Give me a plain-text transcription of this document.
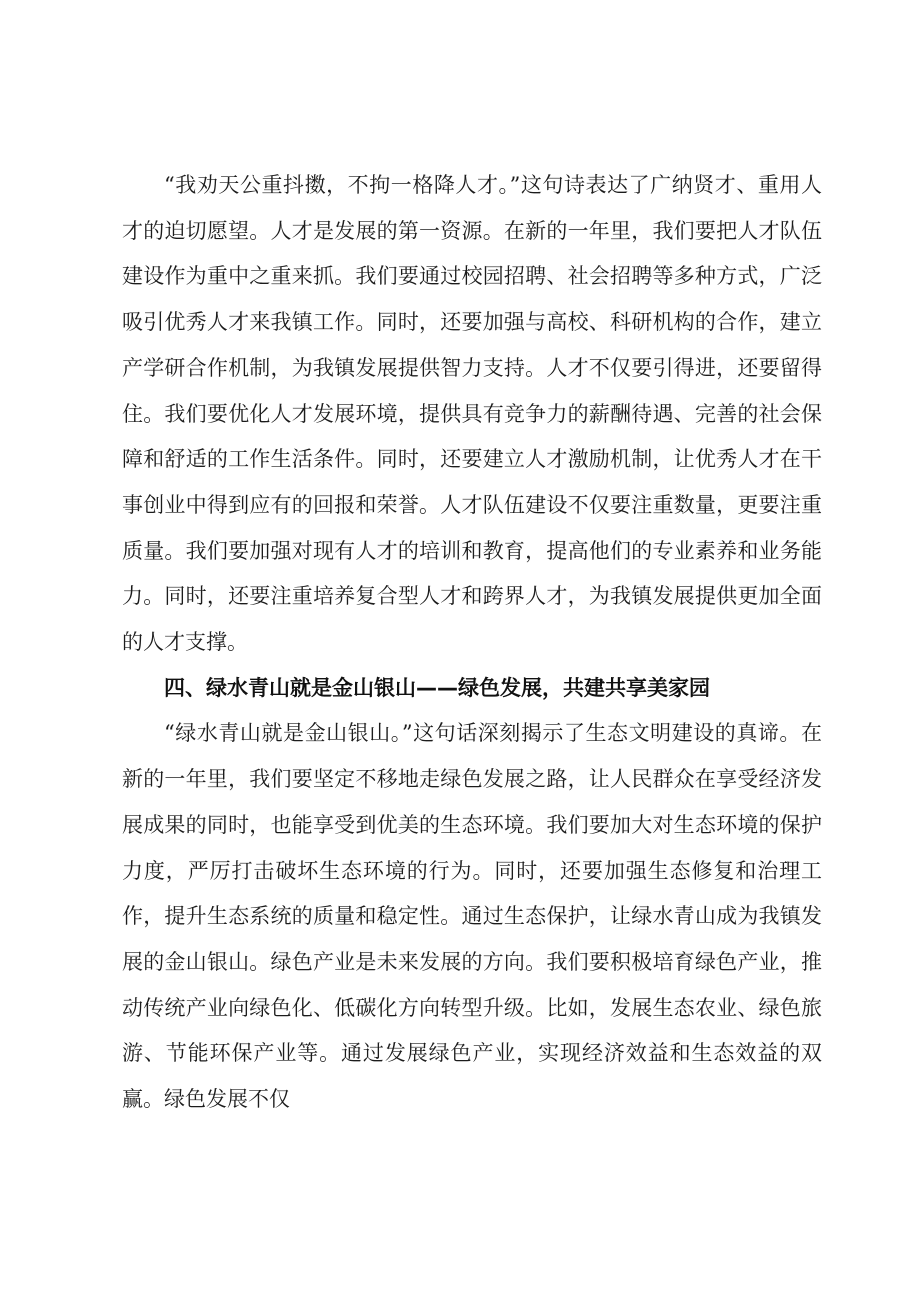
“我劝天公重抖擞，不拘一格降人才。”这句诗表达了广纳贤才、重用人才的迫切愿望。人才是发展的第一资源。在新的一年里，我们要把人才队伍建设作为重中之重来抓。我们要通过校园招聘、社会招聘等多种方式，广泛吸引优秀人才来我镇工作。同时，还要加强与高校、科研机构的合作，建立产学研合作机制，为我镇发展提供智力支持。人才不仅要引得进，还要留得住。我们要优化人才发展环境，提供具有竞争力的薪酬待遇、完善的社会保障和舒适的工作生活条件。同时，还要建立人才激励机制，让优秀人才在干事创业中得到应有的回报和荣誉。人才队伍建设不仅要注重数量，更要注重质量。我们要加强对现有人才的培训和教育，提高他们的专业素养和业务能力。同时，还要注重培养复合型人才和跨界人才，为我镇发展提供更加全面的人才支撑。

四、绿水青山就是金山银山——绿色发展，共建共享美家园

“绿水青山就是金山银山。”这句话深刻揭示了生态文明建设的真谛。在新的一年里，我们要坚定不移地走绿色发展之路，让人民群众在享受经济发展成果的同时，也能享受到优美的生态环境。我们要加大对生态环境的保护力度，严厉打击破坏生态环境的行为。同时，还要加强生态修复和治理工作，提升生态系统的质量和稳定性。通过生态保护，让绿水青山成为我镇发展的金山银山。绿色产业是未来发展的方向。我们要积极培育绿色产业，推动传统产业向绿色化、低碳化方向转型升级。比如，发展生态农业、绿色旅游、节能环保产业等。通过发展绿色产业，实现经济效益和生态效益的双赢。绿色发展不仅
